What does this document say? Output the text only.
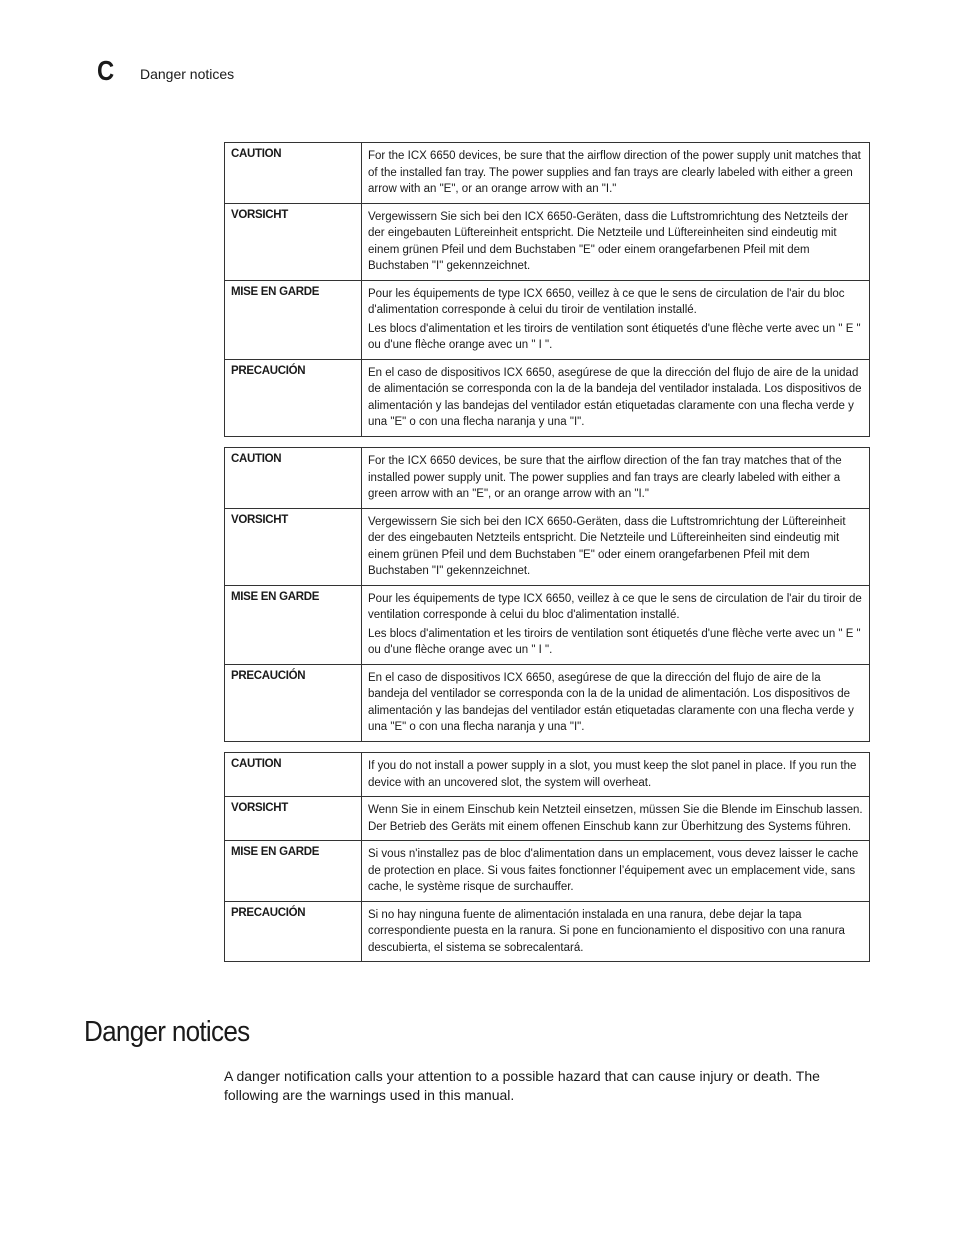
C Danger notices
CAUTION	For the ICX 6650 devices, be sure that the airflow direction of the power supply unit matches that of the installed fan tray. The power supplies and fan trays are clearly labeled with either a green arrow with an "E", or an orange arrow with an "I."

VORSICHT	Vergewissern Sie sich bei den ICX 6650-Geräten, dass die Luftstromrichtung des Netzteils der der eingebauten Lüftereinheit entspricht. Die Netzteile und Lüftereinheiten sind eindeutig mit einem grünen Pfeil und dem Buchstaben "E" oder einem orangefarbenen Pfeil mit dem Buchstaben "I" gekennzeichnet.

MISE EN GARDE	Pour les équipements de type ICX 6650, veillez à ce que le sens de circulation de l'air du bloc d'alimentation corresponde à celui du tiroir de ventilation installé.

Les blocs d'alimentation et les tiroirs de ventilation sont étiquetés d'une flèche verte avec un " E " ou d'une flèche orange avec un " I ".

PRECAUCIÓN	En el caso de dispositivos ICX 6650, asegúrese de que la dirección del flujo de aire de la unidad de alimentación se corresponda con la de la bandeja del ventilador instalada. Los dispositivos de alimentación y las bandejas del ventilador están etiquetadas claramente con una flecha verde y una "E" o con una flecha naranja y una "I".

CAUTION	For the ICX 6650 devices, be sure that the airflow direction of the fan tray matches that of the installed power supply unit. The power supplies and fan trays are clearly labeled with either a green arrow with an "E", or an orange arrow with an "I."

VORSICHT	Vergewissern Sie sich bei den ICX 6650-Geräten, dass die Luftstromrichtung der Lüftereinheit der des eingebauten Netzteils entspricht. Die Netzteile und Lüftereinheiten sind eindeutig mit einem grünen Pfeil und dem Buchstaben "E" oder einem orangefarbenen Pfeil mit dem Buchstaben "I" gekennzeichnet.

MISE EN GARDE	Pour les équipements de type ICX 6650, veillez à ce que le sens de circulation de l'air du tiroir de ventilation corresponde à celui du bloc d'alimentation installé.

Les blocs d'alimentation et les tiroirs de ventilation sont étiquetés d'une flèche verte avec un " E " ou d'une flèche orange avec un " I ".

PRECAUCIÓN	En el caso de dispositivos ICX 6650, asegúrese de que la dirección del flujo de aire de la bandeja del ventilador se corresponda con la de la unidad de alimentación. Los dispositivos de alimentación y las bandejas del ventilador están etiquetadas claramente con una flecha verde y una "E" o con una flecha naranja y una "I".

CAUTION	If you do not install a power supply in a slot, you must keep the slot panel in place. If you run the device with an uncovered slot, the system will overheat.

VORSICHT	Wenn Sie in einem Einschub kein Netzteil einsetzen, müssen Sie die Blende im Einschub lassen. Der Betrieb des Geräts mit einem offenen Einschub kann zur Überhitzung des Systems führen.

MISE EN GARDE	Si vous n'installez pas de bloc d'alimentation dans un emplacement, vous devez laisser le cache de protection en place. Si vous faites fonctionner l’équipement avec un emplacement vide, sans cache, le système risque de surchauffer.

PRECAUCIÓN	Si no hay ninguna fuente de alimentación instalada en una ranura, debe dejar la tapa correspondiente puesta en la ranura. Si pone en funcionamiento el dispositivo con una ranura descubierta, el sistema se sobrecalentará.

Danger notices

A danger notification calls your attention to a possible hazard that can cause injury or death. The following are the warnings used in this manual.
